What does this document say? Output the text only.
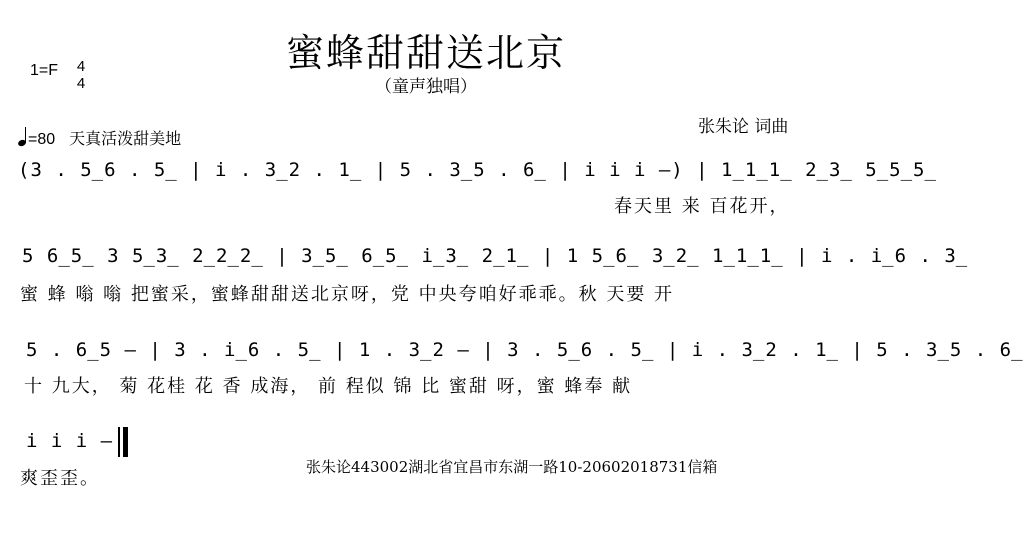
蜜蜂甜甜送北京
（童声独唱）
1=F 4
4
=80 天真活泼甜美地
张朱论 词曲
(3 . 5̲6 . 5̲ | i . 3̲2 . 1̲ | 5 . 3̲5 . 6̲ | i i i –) | 1̲1̲1̲ 2̲3̲ 5̲5̲5̲
春天里 来 百花开，
5 6̲5̲ 3 5̲3̲ 2̲2̲2̲ | 3̲5̲ 6̲5̲ i̲3̲ 2̲1̲ | 1 5̲6̲ 3̲2̲ 1̲1̲1̲ | i . i̲6 . 3̲
蜜 蜂 嗡 嗡 把蜜采，蜜蜂甜甜送北京呀，党 中央夸咱好乖乖。秋 天要 开
5 . 6̲5 – | 3 . i̲6 . 5̲ | 1 . 3̲2 – | 3 . 5̲6 . 5̲ | i . 3̲2 . 1̲ | 5 . 3̲5 . 6̲
十 九大， 菊 花桂 花 香 成海， 前 程似 锦 比 蜜甜 呀，蜜 蜂奉 献
i i i –
爽歪歪。
张朱论443002湖北省宜昌市东湖一路10-20602018731信箱
